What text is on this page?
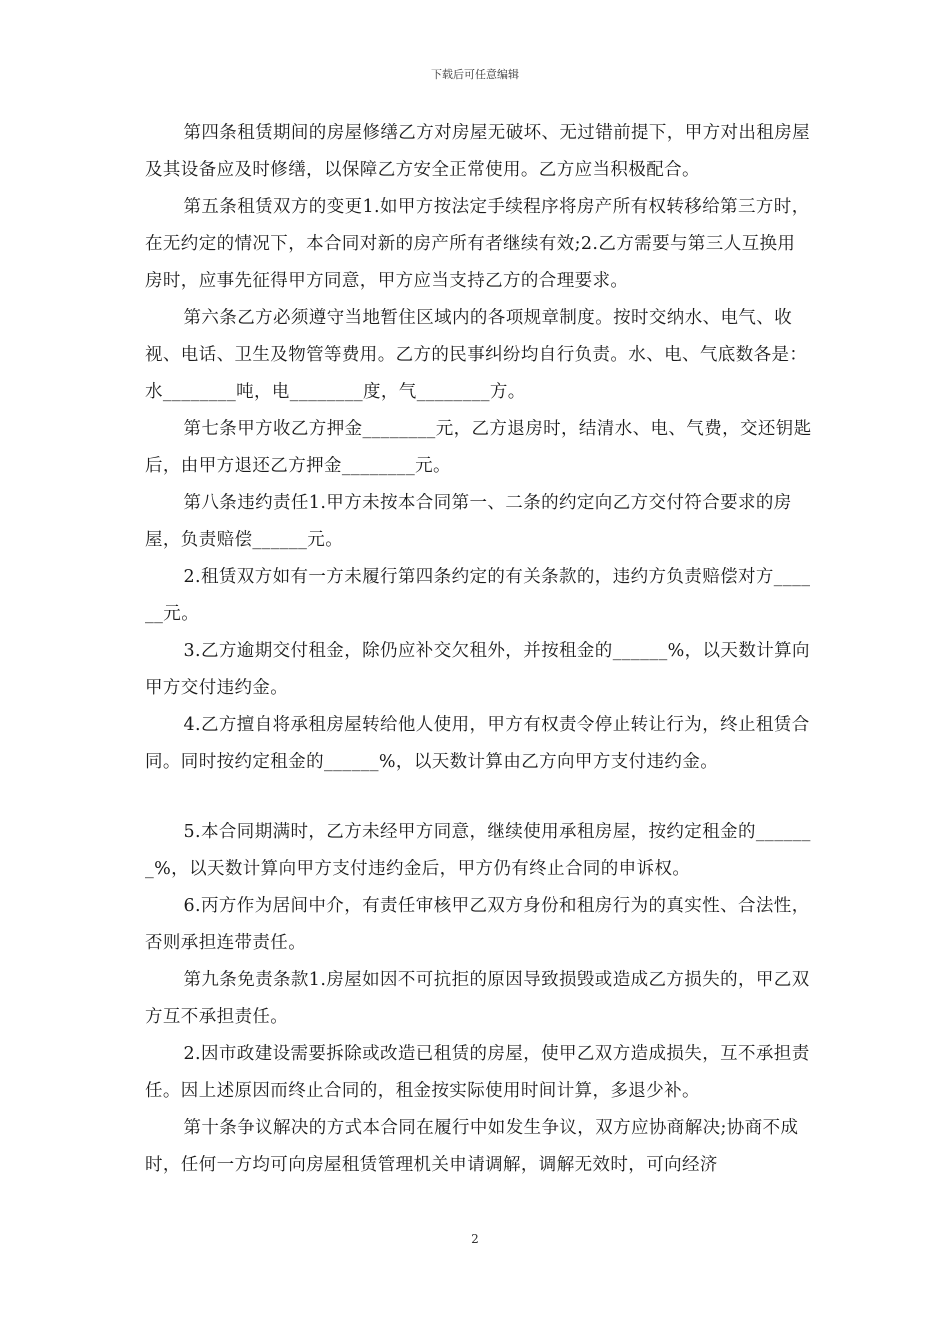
下载后可任意编辑

第四条租赁期间的房屋修缮乙方对房屋无破坏、无过错前提下，甲方对出租房屋及其设备应及时修缮，以保障乙方安全正常使用。乙方应当积极配合。

第五条租赁双方的变更1.如甲方按法定手续程序将房产所有权转移给第三方时，在无约定的情况下，本合同对新的房产所有者继续有效;2.乙方需要与第三人互换用房时，应事先征得甲方同意，甲方应当支持乙方的合理要求。

第六条乙方必须遵守当地暂住区域内的各项规章制度。按时交纳水、电气、收视、电话、卫生及物管等费用。乙方的民事纠纷均自行负责。水、电、气底数各是：水________吨，电________度，气________方。

第七条甲方收乙方押金________元，乙方退房时，结清水、电、气费，交还钥匙后，由甲方退还乙方押金________元。

第八条违约责任1.甲方未按本合同第一、二条的约定向乙方交付符合要求的房屋，负责赔偿______元。

2.租赁双方如有一方未履行第四条约定的有关条款的，违约方负责赔偿对方______元。

3.乙方逾期交付租金，除仍应补交欠租外，并按租金的______%，以天数计算向甲方交付违约金。

4.乙方擅自将承租房屋转给他人使用，甲方有权责令停止转让行为，终止租赁合同。同时按约定租金的______%，以天数计算由乙方向甲方支付违约金。

5.本合同期满时，乙方未经甲方同意，继续使用承租房屋，按约定租金的_______%，以天数计算向甲方支付违约金后，甲方仍有终止合同的申诉权。

6.丙方作为居间中介，有责任审核甲乙双方身份和租房行为的真实性、合法性，否则承担连带责任。

第九条免责条款1.房屋如因不可抗拒的原因导致损毁或造成乙方损失的，甲乙双方互不承担责任。

2.因市政建设需要拆除或改造已租赁的房屋，使甲乙双方造成损失，互不承担责任。因上述原因而终止合同的，租金按实际使用时间计算，多退少补。

第十条争议解决的方式本合同在履行中如发生争议，双方应协商解决;协商不成时，任何一方均可向房屋租赁管理机关申请调解，调解无效时，可向经济

2
